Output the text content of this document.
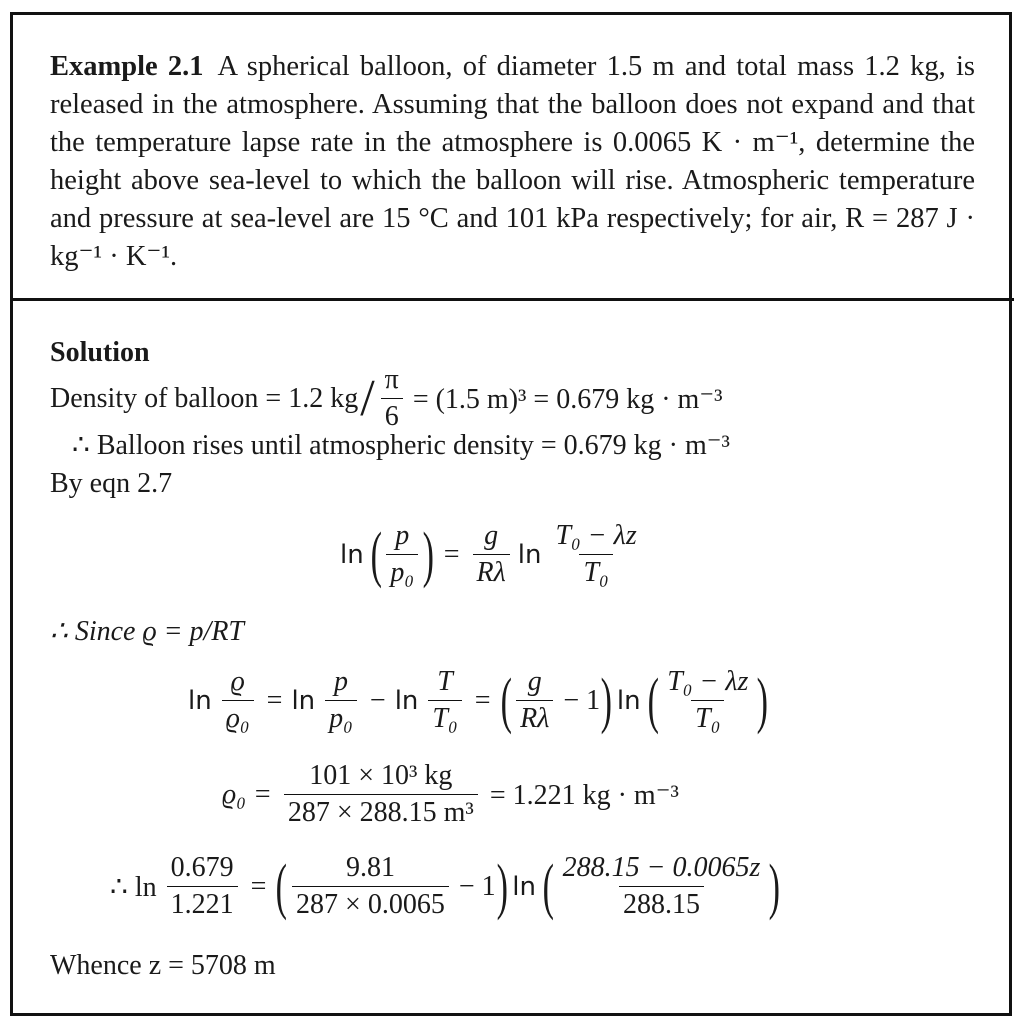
Example 2.1 A spherical balloon, of diameter 1.5 m and total mass 1.2 kg, is released in the atmosphere. Assuming that the balloon does not expand and that the temperature lapse rate in the atmosphere is 0.0065 K · m⁻¹, determine the height above sea-level to which the balloon will rise. Atmospheric temperature and pressure at sea-level are 15 °C and 101 kPa respectively; for air, R = 287 J · kg⁻¹ · K⁻¹.
Solution
Density of balloon = 1.2 kg / $\frac{\pi}{6} = (1.5$ m)³ = 0.679 kg · m⁻³
∴ Balloon rises until atmospheric density = 0.679 kg · m⁻³
By eqn 2.7
ln ( $\frac{p}{\text{p₀}}$ ) = $\frac{g}{R\lambda}$ $\ln \frac{\text{T₀ − λz}}{\text{T₀}}$
∴ Since ϱ = p/RT
$\ln \frac{ϱ}{\text{ϱ₀}} = \ln \frac{p}{\text{p₀}} - \ln \frac{T}{\text{T₀}}$ = ( $\frac{g}{R\lambda} - 1$ ) ln ( $\frac{\text{T₀ − λz}}{\text{T₀}}$ )
$ϱ_0 = \frac{\text{101 × 10³ kg}}{\text{287 × 288.15 m³}} = 1.221$ kg · m⁻³
∴ $\ln \frac{0.679}{1.221}$ = ( $\frac{9.81}{287 \times 0.0065} - 1$ ) ln ( $\frac{288.15 - 0.0065z}{288.15}$ )
Whence z = 5708 m
